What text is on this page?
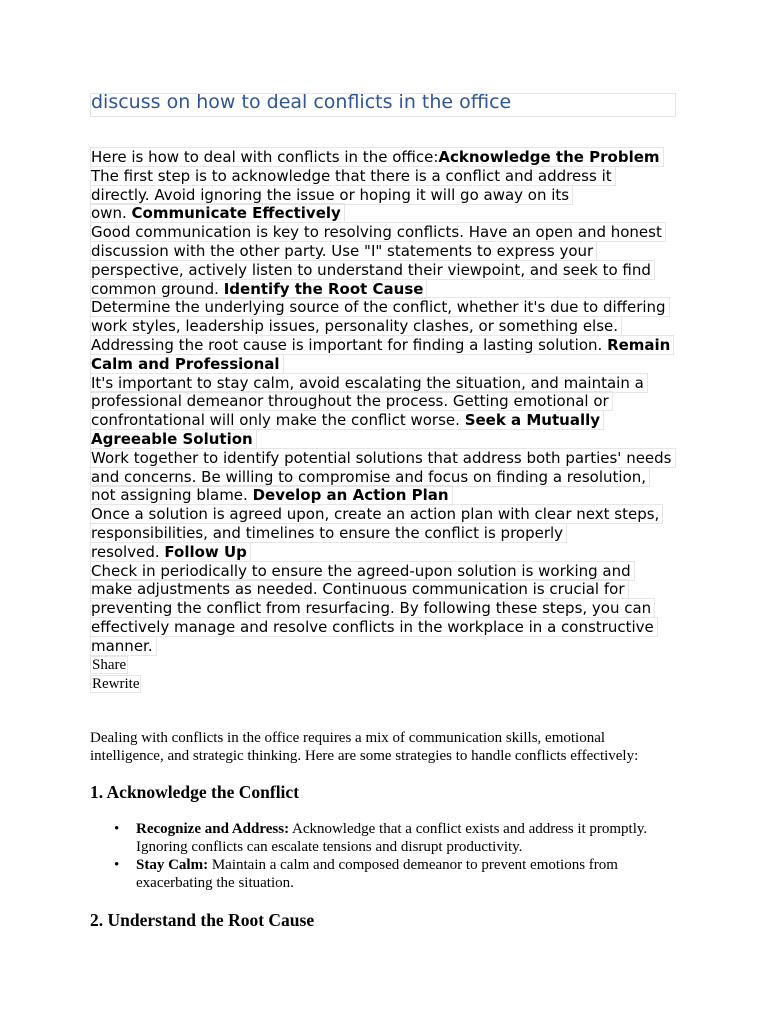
discuss on how to deal conflicts in the office
Here is how to deal with conflicts in the office:Acknowledge the Problem
The first step is to acknowledge that there is a conflict and address it
directly. Avoid ignoring the issue or hoping it will go away on its
own. Communicate Effectively
Good communication is key to resolving conflicts. Have an open and honest
discussion with the other party. Use "I" statements to express your
perspective, actively listen to understand their viewpoint, and seek to find
common ground. Identify the Root Cause
Determine the underlying source of the conflict, whether it's due to differing
work styles, leadership issues, personality clashes, or something else.
Addressing the root cause is important for finding a lasting solution. Remain
Calm and Professional
It's important to stay calm, avoid escalating the situation, and maintain a
professional demeanor throughout the process. Getting emotional or
confrontational will only make the conflict worse. Seek a Mutually
Agreeable Solution
Work together to identify potential solutions that address both parties' needs
and concerns. Be willing to compromise and focus on finding a resolution,
not assigning blame. Develop an Action Plan
Once a solution is agreed upon, create an action plan with clear next steps,
responsibilities, and timelines to ensure the conflict is properly
resolved. Follow Up
Check in periodically to ensure the agreed-upon solution is working and
make adjustments as needed. Continuous communication is crucial for
preventing the conflict from resurfacing. By following these steps, you can
effectively manage and resolve conflicts in the workplace in a constructive
manner.
Share
Rewrite
Dealing with conflicts in the office requires a mix of communication skills, emotional intelligence, and strategic thinking. Here are some strategies to handle conflicts effectively:
1. Acknowledge the Conflict
• Recognize and Address: Acknowledge that a conflict exists and address it promptly. Ignoring conflicts can escalate tensions and disrupt productivity.
• Stay Calm: Maintain a calm and composed demeanor to prevent emotions from exacerbating the situation.
2. Understand the Root Cause
